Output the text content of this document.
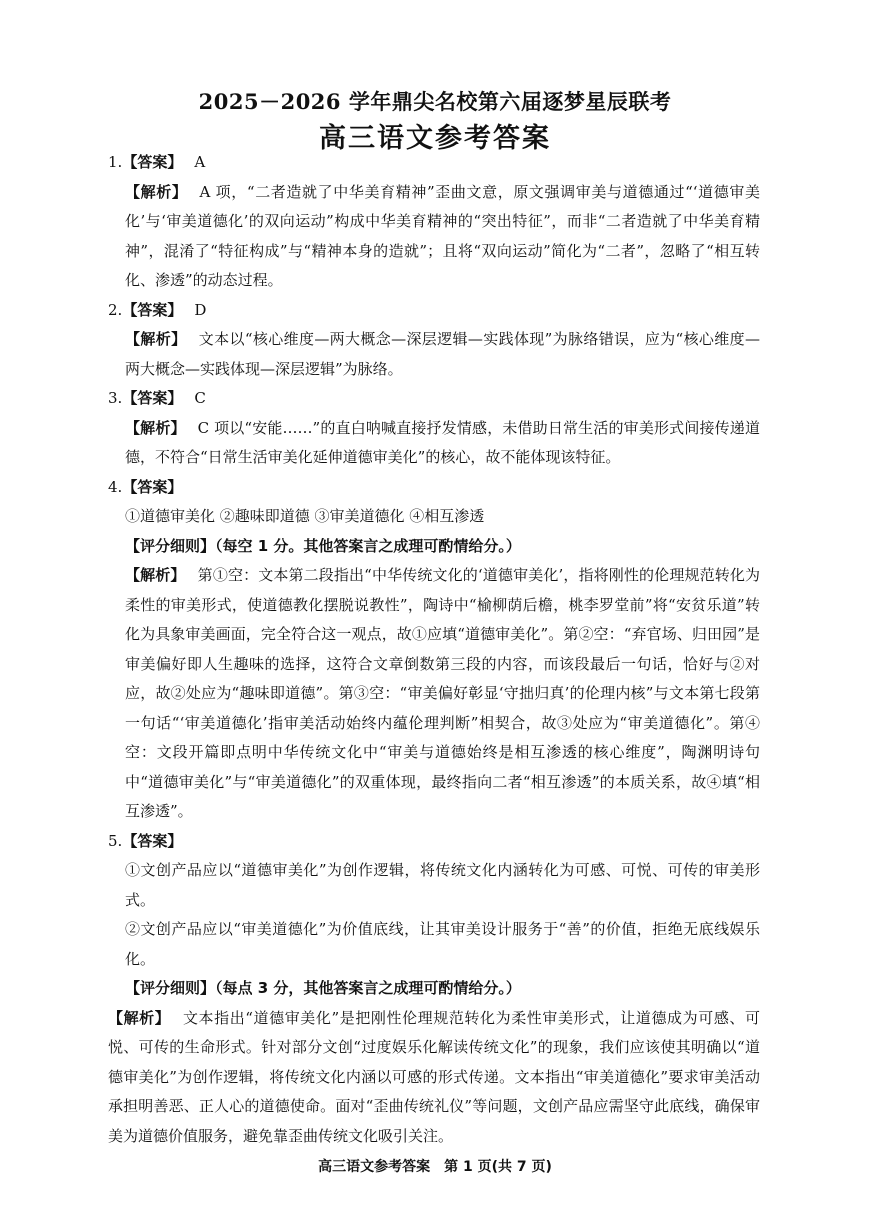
2025－2026 学年鼎尖名校第六届逐梦星辰联考
高三语文参考答案
1.【答案】 A
【解析】 A 项，“二者造就了中华美育精神”歪曲文意，原文强调审美与道德通过“‘道德审美化’与‘审美道德化’的双向运动”构成中华美育精神的“突出特征”，而非“二者造就了中华美育精神”，混淆了“特征构成”与“精神本身的造就”；且将“双向运动”简化为“二者”，忽略了“相互转化、渗透”的动态过程。
2.【答案】 D
【解析】 文本以“核心维度—两大概念—深层逻辑—实践体现”为脉络错误，应为“核心维度—两大概念—实践体现—深层逻辑”为脉络。
3.【答案】 C
【解析】 C 项以“安能……”的直白呐喊直接抒发情感，未借助日常生活的审美形式间接传递道德，不符合“日常生活审美化延伸道德审美化”的核心，故不能体现该特征。
4.【答案】
①道德审美化 ②趣味即道德 ③审美道德化 ④相互渗透
【评分细则】（每空 1 分。其他答案言之成理可酌情给分。）
【解析】 第①空：文本第二段指出“中华传统文化的‘道德审美化’，指将刚性的伦理规范转化为柔性的审美形式，使道德教化摆脱说教性”，陶诗中“榆柳荫后檐，桃李罗堂前”将“安贫乐道”转化为具象审美画面，完全符合这一观点，故①应填“道德审美化”。第②空：“弃官场、归田园”是审美偏好即人生趣味的选择，这符合文章倒数第三段的内容，而该段最后一句话，恰好与②对应，故②处应为“趣味即道德”。第③空：“审美偏好彰显‘守拙归真’的伦理内核”与文本第七段第一句话“‘审美道德化’指审美活动始终内蕴伦理判断”相契合，故③处应为“审美道德化”。第④空：文段开篇即点明中华传统文化中“审美与道德始终是相互渗透的核心维度”，陶渊明诗句中“道德审美化”与“审美道德化”的双重体现，最终指向二者“相互渗透”的本质关系，故④填“相互渗透”。
5.【答案】
①文创产品应以“道德审美化”为创作逻辑，将传统文化内涵转化为可感、可悦、可传的审美形式。
②文创产品应以“审美道德化”为价值底线，让其审美设计服务于“善”的价值，拒绝无底线娱乐化。
【评分细则】（每点 3 分，其他答案言之成理可酌情给分。）
【解析】 文本指出“道德审美化”是把刚性伦理规范转化为柔性审美形式，让道德成为可感、可悦、可传的生命形式。针对部分文创“过度娱乐化解读传统文化”的现象，我们应该使其明确以“道德审美化”为创作逻辑，将传统文化内涵以可感的形式传递。文本指出“审美道德化”要求审美活动承担明善恶、正人心的道德使命。面对“歪曲传统礼仪”等问题，文创产品应需坚守此底线，确保审美为道德价值服务，避免靠歪曲传统文化吸引关注。
高三语文参考答案　第 1 页(共 7 页)
